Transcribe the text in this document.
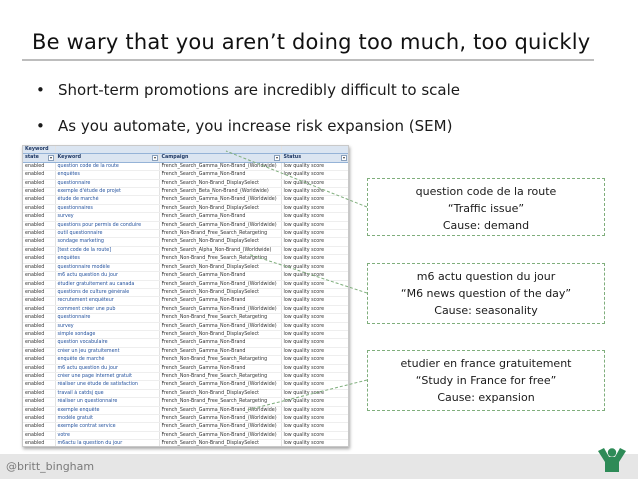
Be wary that you aren’t doing too much, too quickly
• Short-term promotions are incredibly difficult to scale
• As you automate, you increase risk expansion (SEM)
Keyword			
state	Keyword	Campaign	Status

enabled	question code de la route	French_Search_Gamma_Non-Brand_(Worldwide)	low quality score
enabled	enquêtes	French_Search_Gamma_Non-Brand	low quality score
enabled	questionnaire	French_Search_Non-Brand_DisplaySelect	low quality score
enabled	exemple d'étude de projet	French_Search_Beta_Non-Brand_(Worldwide)	low quality score
enabled	étude de marché	French_Search_Gamma_Non-Brand_(Worldwide)	low quality score
enabled	questionnaires	French_Search_Non-Brand_DisplaySelect	low quality score
enabled	survey	French_Search_Gamma_Non-Brand	low quality score
enabled	questions pour permis de conduire	French_Search_Gamma_Non-Brand_(Worldwide)	low quality score
enabled	outil questionnaire	French_Non-Brand_Free_Search_Retargeting	low quality score
enabled	sondage marketing	French_Search_Non-Brand_DisplaySelect	low quality score
enabled	[test code de la route]	French_Search_Alpha_Non-Brand_(Worldwide)	low quality score
enabled	enquêtes	French_Non-Brand_Free_Search_Retargeting	low quality score
enabled	questionnaire modèle	French_Search_Non-Brand_DisplaySelect	low quality score
enabled	m6 actu question du jour	French_Search_Gamma_Non-Brand	low quality score
enabled	étudier gratuitement au canada	French_Search_Gamma_Non-Brand_(Worldwide)	low quality score
enabled	questions de culture générale	French_Search_Non-Brand_DisplaySelect	low quality score
enabled	recrutement enquêteur	French_Search_Gamma_Non-Brand	low quality score
enabled	comment créer une pub	French_Search_Gamma_Non-Brand_(Worldwide)	low quality score
enabled	questionnaire	French_Non-Brand_Free_Search_Retargeting	low quality score
enabled	survey	French_Search_Gamma_Non-Brand_(Worldwide)	low quality score
enabled	simple sondage	French_Search_Non-Brand_DisplaySelect	low quality score
enabled	question vocabulaire	French_Search_Gamma_Non-Brand	low quality score
enabled	créer un jeu gratuitement	French_Search_Gamma_Non-Brand	low quality score
enabled	enquête de marché	French_Non-Brand_Free_Search_Retargeting	low quality score
enabled	m6 actu question du jour	French_Search_Gamma_Non-Brand	low quality score
enabled	créer une page internet gratuit	French_Non-Brand_Free_Search_Retargeting	low quality score
enabled	réaliser une étude de satisfaction	French_Search_Gamma_Non-Brand_(Worldwide)	low quality score
enabled	travail à catdsj que	French_Search_Non-Brand_DisplaySelect	low quality score
enabled	réaliser un questionnaire	French_Non-Brand_Free_Search_Retargeting	low quality score
enabled	exemple enquête	French_Search_Gamma_Non-Brand_(Worldwide)	low quality score
enabled	modèle gratuit	French_Search_Gamma_Non-Brand_(Worldwide)	low quality score
enabled	exemple contrat service	French_Search_Gamma_Non-Brand_(Worldwide)	low quality score
enabled	votre	French_Search_Gamma_Non-Brand_(Worldwide)	low quality score
enabled	m6actu la question du jour	French_Search_Non-Brand_DisplaySelect	low quality score

question code de la route
“Traffic issue”
Cause: demand
m6 actu question du jour
“M6 news question of the day”
Cause: seasonality
etudier en france gratuitement
“Study in France for free”
Cause: expansion
@britt_bingham
